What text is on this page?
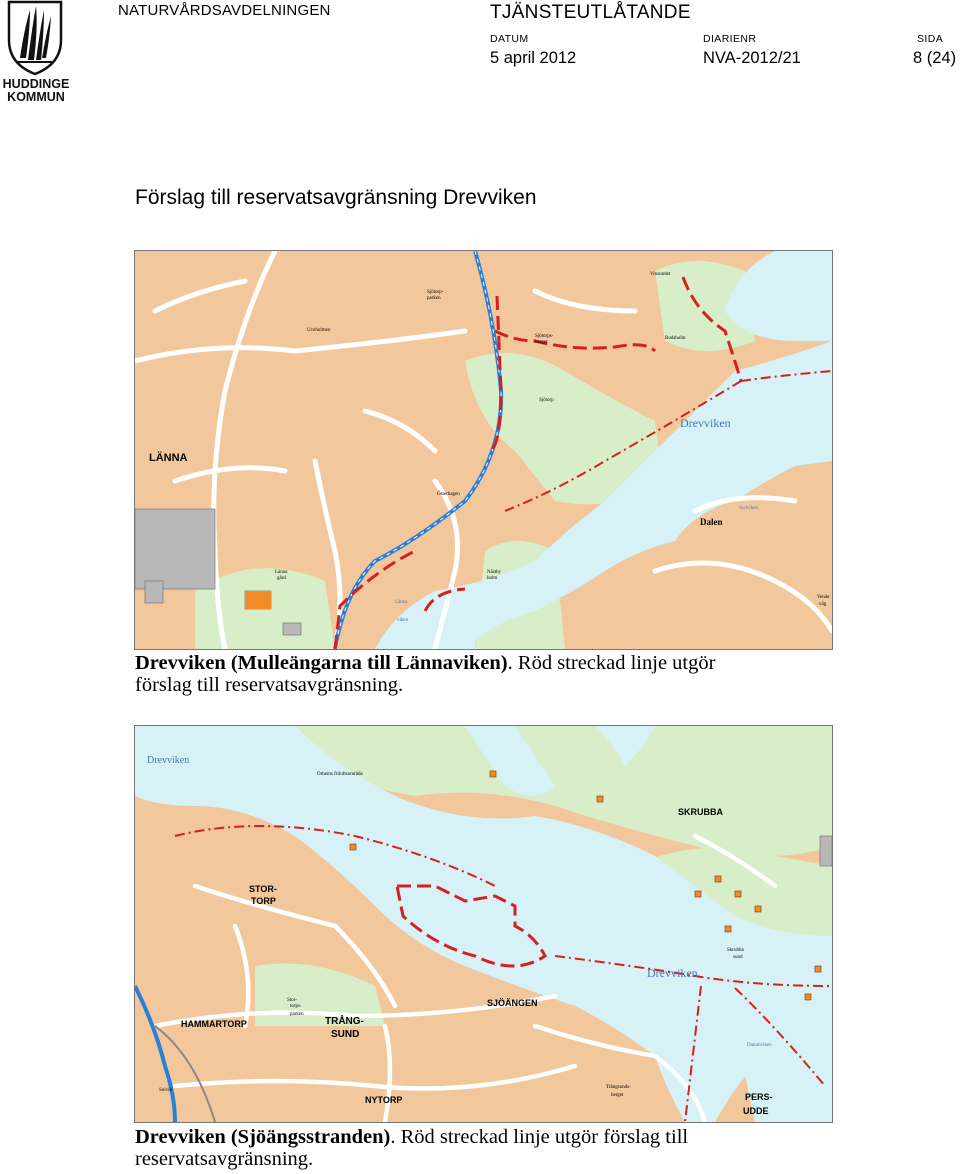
HUDDINGE
KOMMUN
NATURVÅRDSAVDELNINGEN	TJÄNSTEUTLÅTANDE
DATUM	DIARIENR	SIDA
5 april 2012	NVA-2012/21	8 (24)
Förslag till reservatsavgränsning Drevviken
LÄNNA
Drevviken
Dalen
Vinsundet
Sjötorp-
parken
Uveholmen
Sjötorps-
berget
Rudsholm
Sjötorp
Österhagen
Sydviken
Länna
gård
Nästby
holm
Länna
viken
Vende
väg
Drevviken (Mulleängarna till Lännaviken). Röd streckad linje utgör
förslag till reservatsavgränsning.
Drevviken
Orhems friluftsområde
SKRUBBA
STOR-
TORP
Skrubba
sund
Drevviken
SJÖÄNGEN
Stor-
torps-
parken
HAMMARTORP	TRÅNG-
SUND
Dammviken
NYTORP
Trångsunds-
berget	PERS-
UDDE
Solvik
Drevviken (Sjöängsstranden). Röd streckad linje utgör förslag till
reservatsavgränsning.
